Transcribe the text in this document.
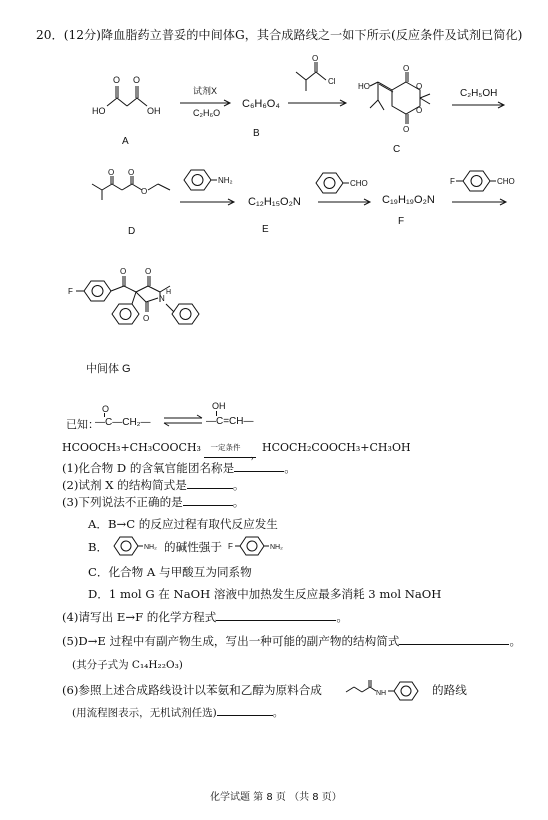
20．(12分)降血脂药立普妥的中间体G，其合成路线之一如下所示(反应条件及试剂已简化)
O O
HO	OH
A
试剂X
C₂H₆O
C₆H₆O₄
B
O
Cl
HO
O
O
O
O
C
C₂H₅OH
O O
O
D
NH₂
→ C₁₂H₁₅O₂N
E
CHO
→ C₁₉H₁₉O₂N
F
F	CHO
F
O O
O
N
H
中间体 G
已知：
O
—C—CH₂— ⇌
OH
—C=CH—
HCOOCH₃+CH₃COOCH₃ 一定条件
›
HCOCH₂COOCH₃+CH₃OH
(1)化合物 D 的含氧官能团名称是	。
(2)试剂 X 的结构简式是	。
(3)下列说法不正确的是	。
A．B→C 的反应过程有取代反应发生
B．	NH₂ 的碱性强于 F	NH₂
C．化合物 A 与甲酸互为同系物
D．1 mol G 在 NaOH 溶液中加热发生反应最多消耗 3 mol NaOH
(4)请写出 E→F 的化学方程式	。
(5)D→E 过程中有副产物生成，写出一种可能的副产物的结构简式	。
(其分子式为 C₁₄H₂₂O₃)
(6)参照上述合成路线设计以苯氨和乙醇为原料合成	NH	的路线
(用流程图表示，无机试剂任选)	。
化学试题 第 8 页 （共 8 页）
